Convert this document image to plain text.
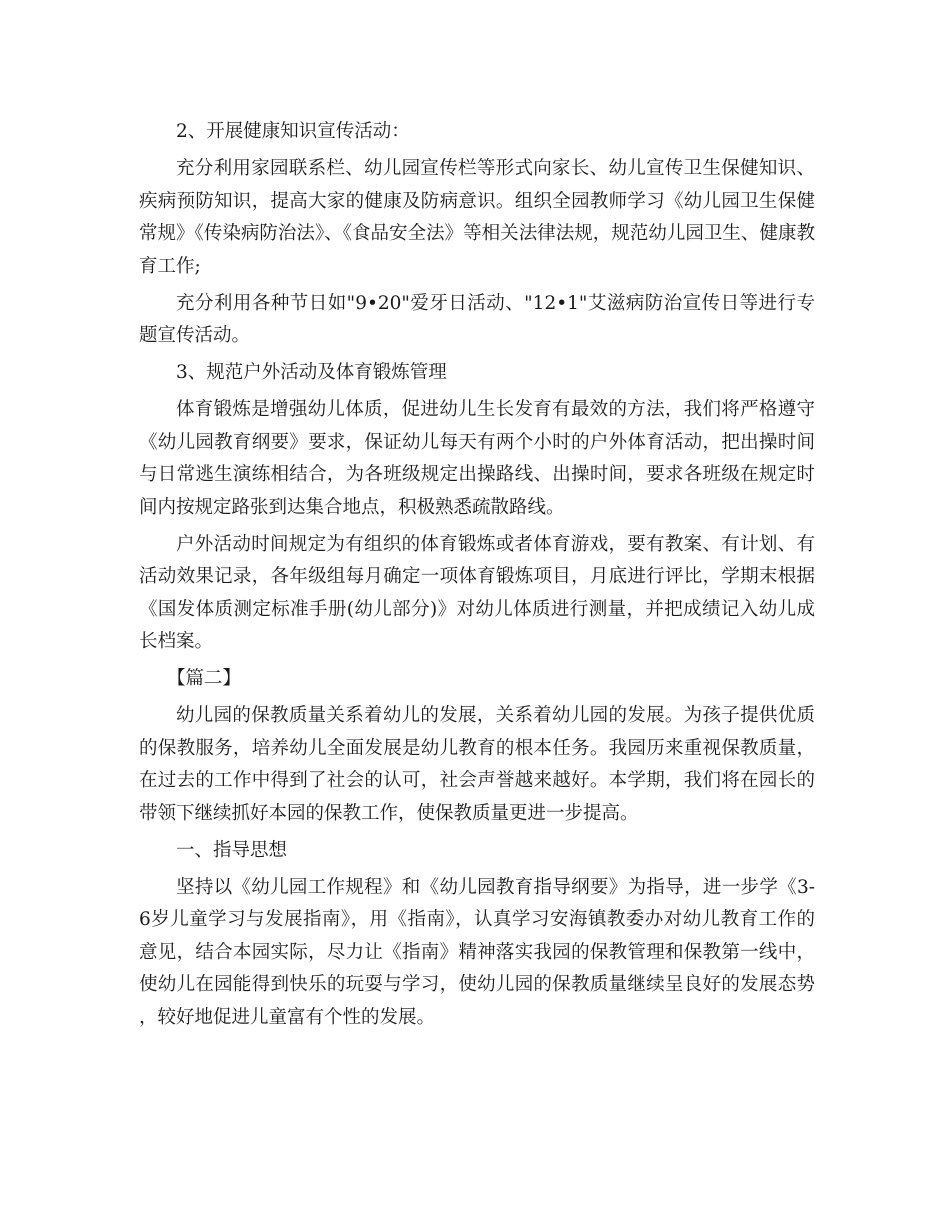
2、开展健康知识宣传活动：

充分利用家园联系栏、幼儿园宣传栏等形式向家长、幼儿宣传卫生保健知识、疾病预防知识，提高大家的健康及防病意识。组织全园教师学习《幼儿园卫生保健常规》《传染病防治法》、《食品安全法》等相关法律法规，规范幼儿园卫生、健康教育工作;

充分利用各种节日如"9•20"爱牙日活动、"12•1"艾滋病防治宣传日等进行专题宣传活动。

3、规范户外活动及体育锻炼管理

体育锻炼是增强幼儿体质，促进幼儿生长发育有最效的方法，我们将严格遵守《幼儿园教育纲要》要求，保证幼儿每天有两个小时的户外体育活动，把出操时间与日常逃生演练相结合，为各班级规定出操路线、出操时间，要求各班级在规定时间内按规定路张到达集合地点，积极熟悉疏散路线。

户外活动时间规定为有组织的体育锻炼或者体育游戏，要有教案、有计划、有活动效果记录，各年级组每月确定一项体育锻炼项目，月底进行评比，学期末根据《国发体质测定标准手册(幼儿部分)》对幼儿体质进行测量，并把成绩记入幼儿成长档案。

【篇二】

幼儿园的保教质量关系着幼儿的发展，关系着幼儿园的发展。为孩子提供优质的保教服务，培养幼儿全面发展是幼儿教育的根本任务。我园历来重视保教质量，在过去的工作中得到了社会的认可，社会声誉越来越好。本学期，我们将在园长的带领下继续抓好本园的保教工作，使保教质量更进一步提高。

一、指导思想

坚持以《幼儿园工作规程》和《幼儿园教育指导纲要》为指导，进一步学《3-6岁儿童学习与发展指南》，用《指南》，认真学习安海镇教委办对幼儿教育工作的意见，结合本园实际，尽力让《指南》精神落实我园的保教管理和保教第一线中，使幼儿在园能得到快乐的玩耍与学习，使幼儿园的保教质量继续呈良好的发展态势，较好地促进儿童富有个性的发展。
